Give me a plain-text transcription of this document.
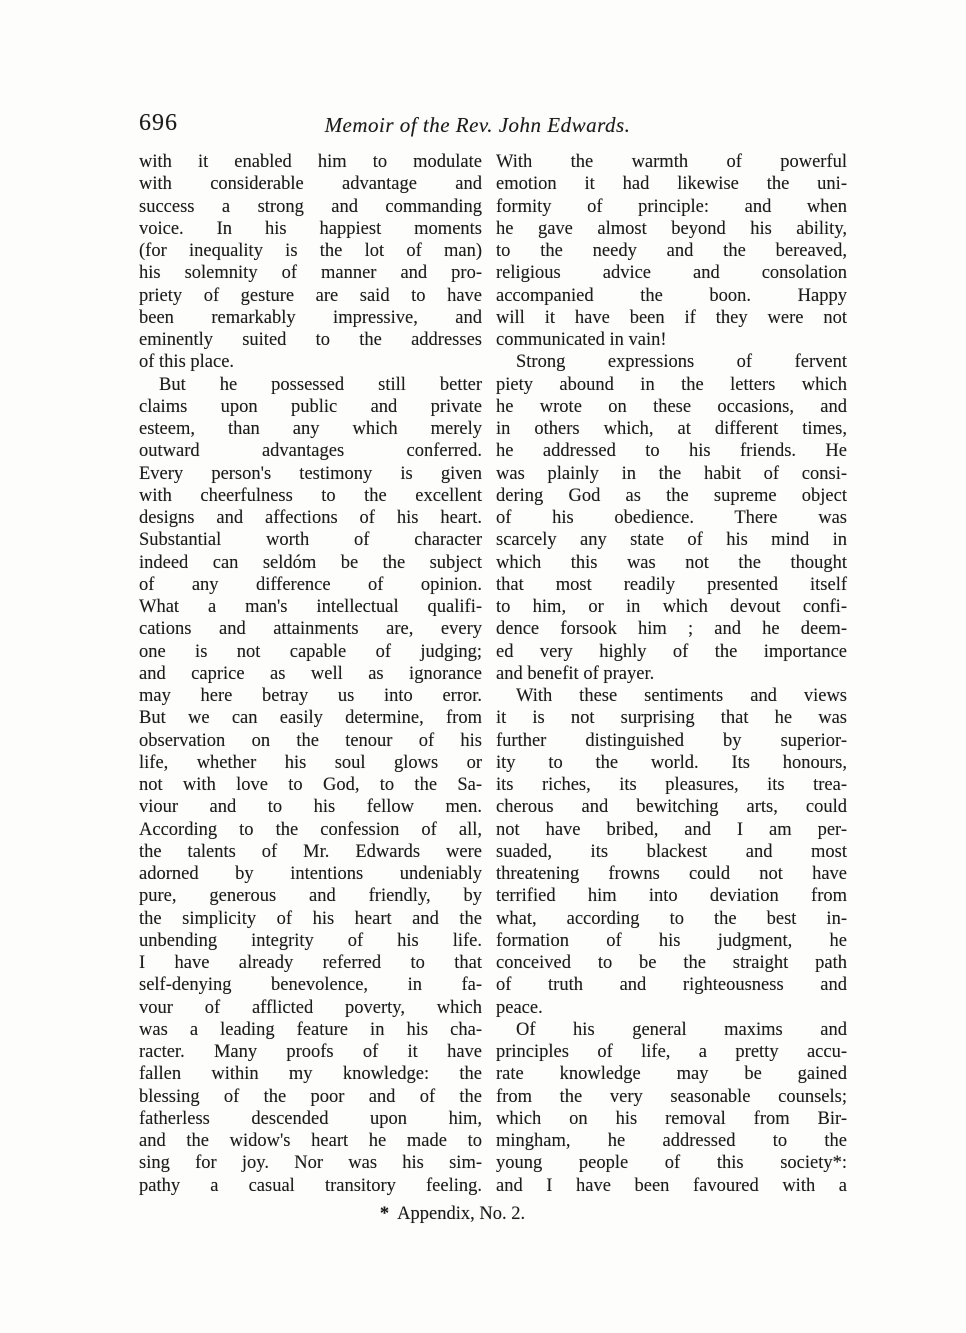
696	Memoir of the Rev. John Edwards.
with it enabled him to modulate
with considerable advantage and
success a strong and commanding
voice. In his happiest moments
(for inequality is the lot of man)
his solemnity of manner and pro-
priety of gesture are said to have
been remarkably impressive, and
eminently suited to the addresses
of this place.
But he possessed still better
claims upon public and private
esteem, than any which merely
outward advantages conferred.
Every person's testimony is given
with cheerfulness to the excellent
designs and affections of his heart.
Substantial worth of character
indeed can seldóm be the subject
of any difference of opinion.
What a man's intellectual qualifi-
cations and attainments are, every
one is not capable of judging;
and caprice as well as ignorance
may here betray us into error.
But we can easily determine, from
observation on the tenour of his
life, whether his soul glows or
not with love to God, to the Sa-
viour and to his fellow men.
According to the confession of all,
the talents of Mr. Edwards were
adorned by intentions undeniably
pure, generous and friendly, by
the simplicity of his heart and the
unbending integrity of his life.
I have already referred to that
self-denying benevolence, in fa-
vour of afflicted poverty, which
was a leading feature in his cha-
racter. Many proofs of it have
fallen within my knowledge: the
blessing of the poor and of the
fatherless descended upon him,
and the widow's heart he made to
sing for joy. Nor was his sim-
pathy a casual transitory feeling.
With the warmth of powerful
emotion it had likewise the uni-
formity of principle: and when
he gave almost beyond his ability,
to the needy and the bereaved,
religious advice and consolation
accompanied the boon. Happy
will it have been if they were not
communicated in vain!
Strong expressions of fervent
piety abound in the letters which
he wrote on these occasions, and
in others which, at different times,
he addressed to his friends. He
was plainly in the habit of consi-
dering God as the supreme object
of his obedience. There was
scarcely any state of his mind in
which this was not the thought
that most readily presented itself
to him, or in which devout confi-
dence forsook him ; and he deem-
ed very highly of the importance
and benefit of prayer.
With these sentiments and views
it is not surprising that he was
further distinguished by superior-
ity to the world. Its honours,
its riches, its pleasures, its trea-
cherous and bewitching arts, could
not have bribed, and I am per-
suaded, its blackest and most
threatening frowns could not have
terrified him into deviation from
what, according to the best in-
formation of his judgment, he
conceived to be the straight path
of truth and righteousness and
peace.
Of his general maxims and
principles of life, a pretty accu-
rate knowledge may be gained
from the very seasonable counsels;
which on his removal from Bir-
mingham, he addressed to the
young people of this society*:
and I have been favoured with a
* Appendix, No. 2.
